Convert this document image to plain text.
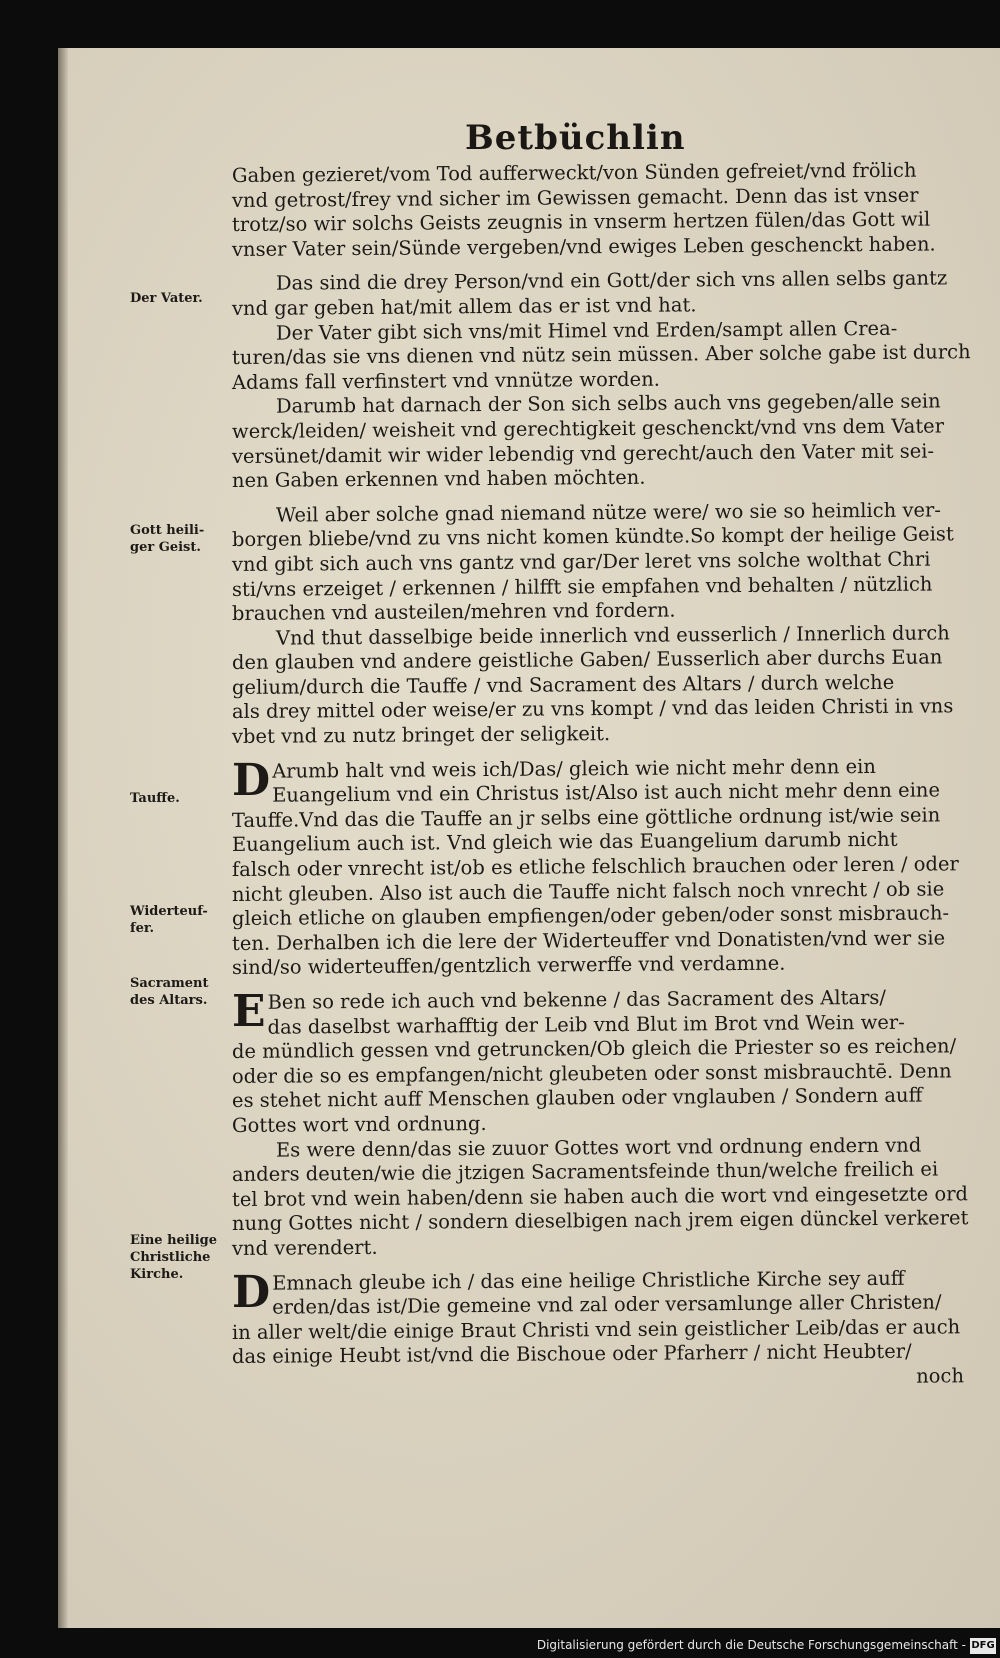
Betbüchlin
Gaben gezieret/vom Tod aufferweckt/von Sünden gefreiet/vnd frölich
vnd getrost/frey vnd sicher im Gewissen gemacht. Denn das ist vnser
trotz/so wir solchs Geists zeugnis in vnserm hertzen fülen/das Gott wil
vnser Vater sein/Sünde vergeben/vnd ewiges Leben geschenckt haben.
Das sind die drey Person/vnd ein Gott/der sich vns allen selbs gantz
vnd gar geben hat/mit allem das er ist vnd hat.
Der Vater gibt sich vns/mit Himel vnd Erden/sampt allen Crea-
turen/das sie vns dienen vnd nütz sein müssen. Aber solche gabe ist durch
Adams fall verfinstert vnd vnnütze worden.
Darumb hat darnach der Son sich selbs auch vns gegeben/alle sein
werck/leiden/ weisheit vnd gerechtigkeit geschenckt/vnd vns dem Vater
versünet/damit wir wider lebendig vnd gerecht/auch den Vater mit sei-
nen Gaben erkennen vnd haben möchten.
Weil aber solche gnad niemand nütze were/ wo sie so heimlich ver-
borgen bliebe/vnd zu vns nicht komen kündte.So kompt der heilige Geist
vnd gibt sich auch vns gantz vnd gar/Der leret vns solche wolthat Chri
sti/vns erzeiget / erkennen / hilfft sie empfahen vnd behalten / nützlich
brauchen vnd austeilen/mehren vnd fordern.
Vnd thut dasselbige beide innerlich vnd eusserlich / Innerlich durch
den glauben vnd andere geistliche Gaben/ Eusserlich aber durchs Euan
gelium/durch die Tauffe / vnd Sacrament des Altars / durch welche
als drey mittel oder weise/er zu vns kompt / vnd das leiden Christi in vns
vbet vnd zu nutz bringet der seligkeit.
D Arumb halt vnd weis ich/Das/ gleich wie nicht mehr denn ein
Euangelium vnd ein Christus ist/Also ist auch nicht mehr denn eine
Tauffe.Vnd das die Tauffe an jr selbs eine göttliche ordnung ist/wie sein
Euangelium auch ist. Vnd gleich wie das Euangelium darumb nicht
falsch oder vnrecht ist/ob es etliche felschlich brauchen oder leren / oder
nicht gleuben. Also ist auch die Tauffe nicht falsch noch vnrecht / ob sie
gleich etliche on glauben empfiengen/oder geben/oder sonst misbrauch-
ten. Derhalben ich die lere der Widerteuffer vnd Donatisten/vnd wer sie
sind/so widerteuffen/gentzlich verwerffe vnd verdamne.
E Ben so rede ich auch vnd bekenne / das Sacrament des Altars/
das daselbst warhafftig der Leib vnd Blut im Brot vnd Wein wer-
de mündlich gessen vnd getruncken/Ob gleich die Priester so es reichen/
oder die so es empfangen/nicht gleubeten oder sonst misbrauchtē. Denn
es stehet nicht auff Menschen glauben oder vnglauben / Sondern auff
Gottes wort vnd ordnung.
Es were denn/das sie zuuor Gottes wort vnd ordnung endern vnd
anders deuten/wie die jtzigen Sacramentsfeinde thun/welche freilich ei
tel brot vnd wein haben/denn sie haben auch die wort vnd eingesetzte ord
nung Gottes nicht / sondern dieselbigen nach jrem eigen dünckel verkeret
vnd verendert.
D Emnach gleube ich / das eine heilige Christliche Kirche sey auff
erden/das ist/Die gemeine vnd zal oder versamlunge aller Christen/
in aller welt/die einige Braut Christi vnd sein geistlicher Leib/das er auch
das einige Heubt ist/vnd die Bischoue oder Pfarherr / nicht Heubter/
noch
Der Vater.
Gott heili-
ger Geist.
Tauffe.
Widerteuf-
fer.
Sacrament
des Altars.
Eine heilige
Christliche
Kirche.
Digitalisierung gefördert durch die Deutsche Forschungsgemeinschaft - DFG
